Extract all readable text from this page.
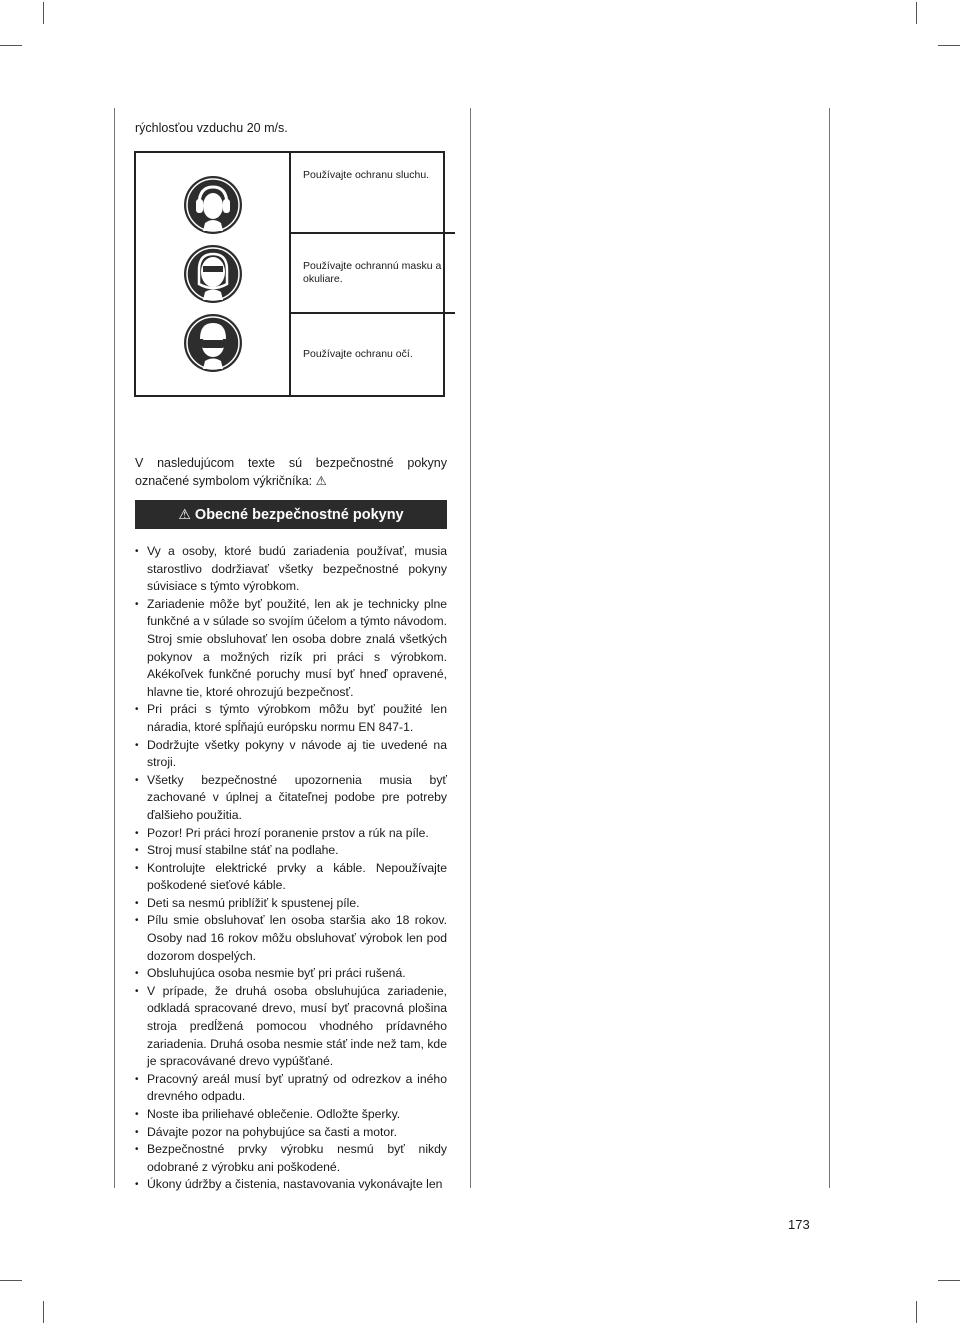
rýchlosťou vzduchu 20 m/s.

Používajte ochranu sluchu.
Používajte ochrannú masku a okuliare.
Používajte ochranu očí.

V nasledujúcom texte sú bezpečnostné pokyny označené symbolom výkričníka: ⚠

⚠ Obecné bezpečnostné pokyny
• Vy a osoby, ktoré budú zariadenia používať, musia starostlivo dodržiavať všetky bezpečnostné pokyny súvisiace s týmto výrobkom.
• Zariadenie môže byť použité, len ak je technicky plne funkčné a v súlade so svojím účelom a týmto návodom. Stroj smie obsluhovať len osoba dobre znalá všetkých pokynov a možných rizík pri práci s výrobkom. Akékoľvek funkčné poruchy musí byť hneď opravené, hlavne tie, ktoré ohrozujú bezpečnosť.
• Pri práci s týmto výrobkom môžu byť použité len náradia, ktoré spĺňajú európsku normu EN 847-1.
• Dodržujte všetky pokyny v návode aj tie uvedené na stroji.
• Všetky bezpečnostné upozornenia musia byť zachované v úplnej a čitateľnej podobe pre potreby ďalšieho použitia.
• Pozor! Pri práci hrozí poranenie prstov a rúk na píle.
• Stroj musí stabilne stáť na podlahe.
• Kontrolujte elektrické prvky a káble. Nepoužívajte poškodené sieťové káble.
• Deti sa nesmú priblížiť k spustenej píle.
• Pílu smie obsluhovať len osoba staršia ako 18 rokov. Osoby nad 16 rokov môžu obsluhovať výrobok len pod dozorom dospelých.
• Obsluhujúca osoba nesmie byť pri práci rušená.
• V prípade, že druhá osoba obsluhujúca zariadenie, odkladá spracované drevo, musí byť pracovná plošina stroja predĺžená pomocou vhodného prídavného zariadenia. Druhá osoba nesmie stáť inde než tam, kde je spracovávané drevo vypúšťané.
• Pracovný areál musí byť upratný od odrezkov a iného drevného odpadu.
• Noste iba priliehavé oblečenie. Odložte šperky.
• Dávajte pozor na pohybujúce sa časti a motor.
• Bezpečnostné prvky výrobku nesmú byť nikdy odobrané z výrobku ani poškodené.
• Úkony údržby a čistenia, nastavovania vykonávajte len
173
